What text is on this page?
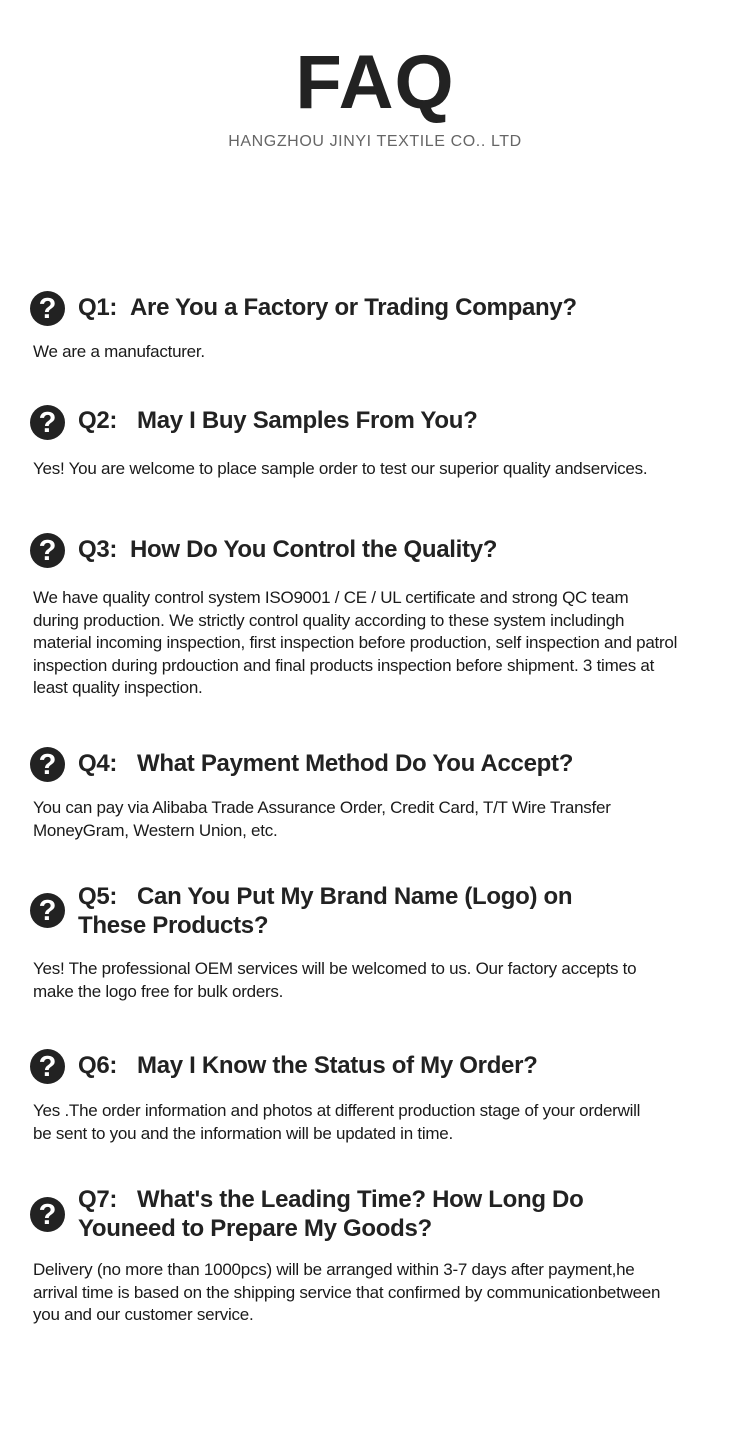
FAQ
HANGZHOU JINYI TEXTILE CO.. LTD
? Q1: Are You a Factory or Trading Company?
We are a manufacturer.
? Q2: May I Buy Samples From You?
Yes! You are welcome to place sample order to test our superior quality andservices.
? Q3: How Do You Control the Quality?
We have quality control system ISO9001 / CE / UL certificate and strong QC team
during production. We strictly control quality according to these system includingh
material incoming inspection, first inspection before production, self inspection and patrol
inspection during prdouction and final products inspection before shipment. 3 times at
least quality inspection.
? Q4: What Payment Method Do You Accept?
You can pay via Alibaba Trade Assurance Order, Credit Card, T/T Wire Transfer
MoneyGram, Western Union, etc.
? Q5: Can You Put My Brand Name (Logo) on
These Products?
Yes! The professional OEM services will be welcomed to us. Our factory accepts to
make the logo free for bulk orders.
? Q6: May I Know the Status of My Order?
Yes .The order information and photos at different production stage of your orderwill
be sent to you and the information will be updated in time.
? Q7: What's the Leading Time? How Long Do
Youneed to Prepare My Goods?
Delivery (no more than 1000pcs) will be arranged within 3-7 days after payment,he
arrival time is based on the shipping service that confirmed by communicationbetween
you and our customer service.
